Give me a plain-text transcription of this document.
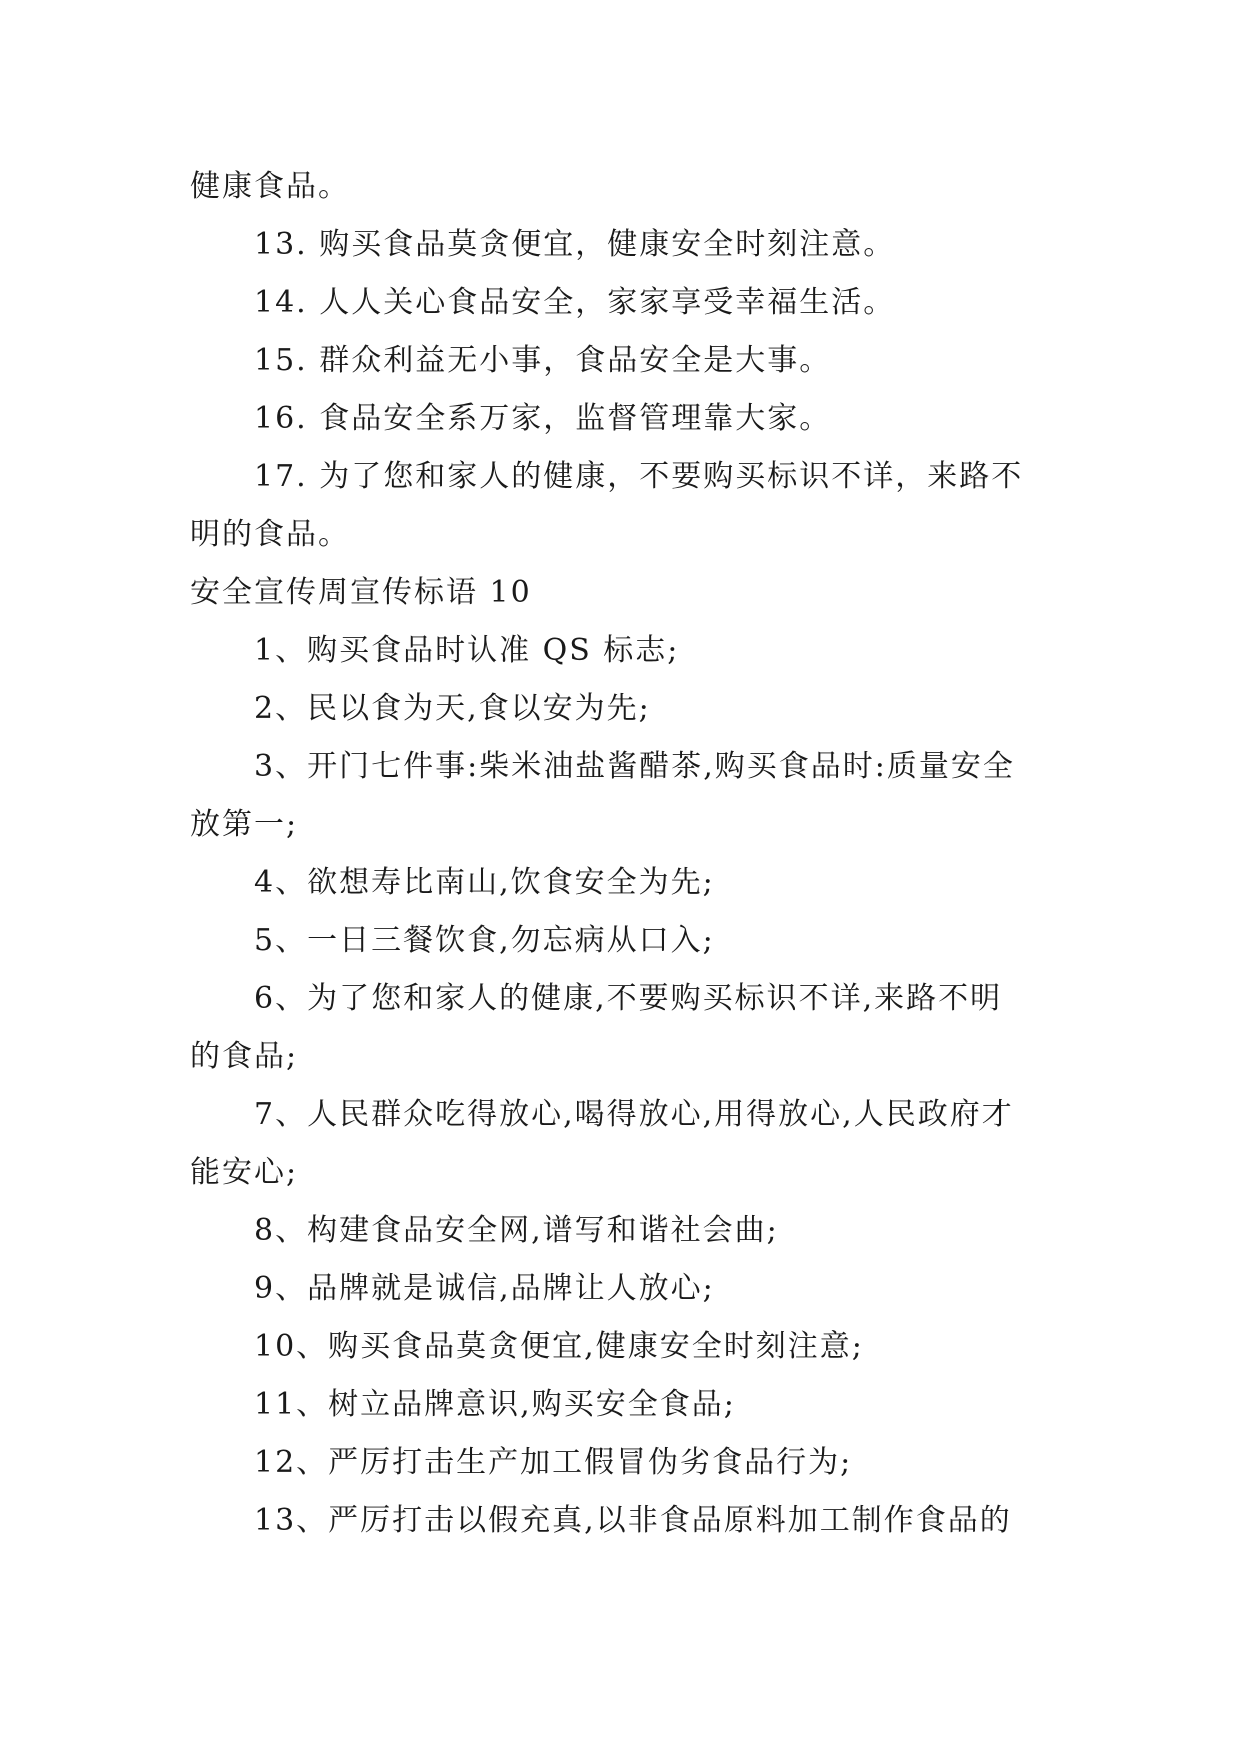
健康食品。
13. 购买食品莫贪便宜，健康安全时刻注意。
14. 人人关心食品安全，家家享受幸福生活。
15. 群众利益无小事，食品安全是大事。
16. 食品安全系万家，监督管理靠大家。
17. 为了您和家人的健康，不要购买标识不详，来路不
明的食品。
安全宣传周宣传标语 10
1、购买食品时认准 QS 标志;
2、民以食为天,食以安为先;
3、开门七件事:柴米油盐酱醋茶,购买食品时:质量安全
放第一;
4、欲想寿比南山,饮食安全为先;
5、一日三餐饮食,勿忘病从口入;
6、为了您和家人的健康,不要购买标识不详,来路不明
的食品;
7、人民群众吃得放心,喝得放心,用得放心,人民政府才
能安心;
8、构建食品安全网,谱写和谐社会曲;
9、品牌就是诚信,品牌让人放心;
10、购买食品莫贪便宜,健康安全时刻注意;
11、树立品牌意识,购买安全食品;
12、严厉打击生产加工假冒伪劣食品行为;
13、严厉打击以假充真,以非食品原料加工制作食品的
